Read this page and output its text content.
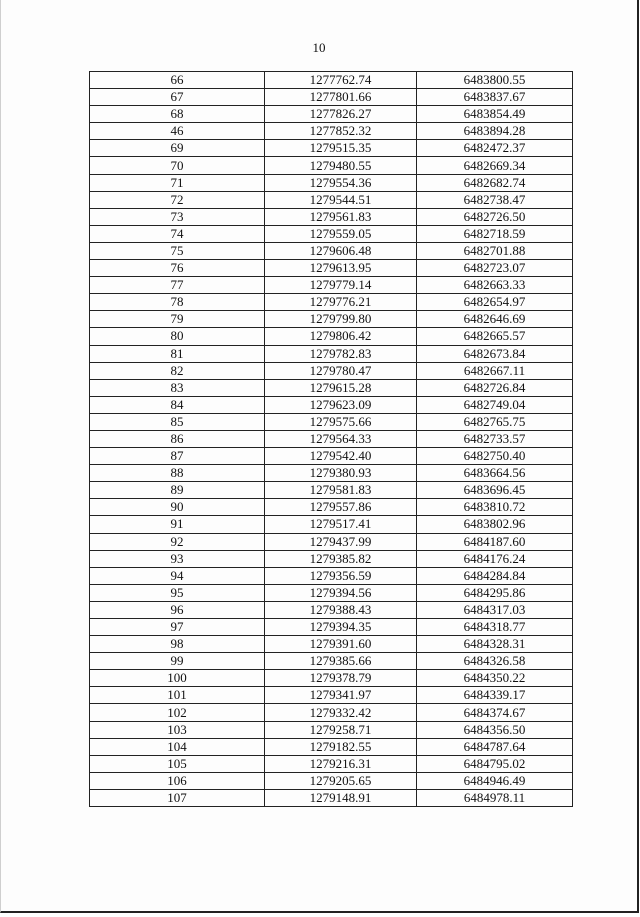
10
66	1277762.74	6483800.55
67	1277801.66	6483837.67
68	1277826.27	6483854.49
46	1277852.32	6483894.28
69	1279515.35	6482472.37
70	1279480.55	6482669.34
71	1279554.36	6482682.74
72	1279544.51	6482738.47
73	1279561.83	6482726.50
74	1279559.05	6482718.59
75	1279606.48	6482701.88
76	1279613.95	6482723.07
77	1279779.14	6482663.33
78	1279776.21	6482654.97
79	1279799.80	6482646.69
80	1279806.42	6482665.57
81	1279782.83	6482673.84
82	1279780.47	6482667.11
83	1279615.28	6482726.84
84	1279623.09	6482749.04
85	1279575.66	6482765.75
86	1279564.33	6482733.57
87	1279542.40	6482750.40
88	1279380.93	6483664.56
89	1279581.83	6483696.45
90	1279557.86	6483810.72
91	1279517.41	6483802.96
92	1279437.99	6484187.60
93	1279385.82	6484176.24
94	1279356.59	6484284.84
95	1279394.56	6484295.86
96	1279388.43	6484317.03
97	1279394.35	6484318.77
98	1279391.60	6484328.31
99	1279385.66	6484326.58
100	1279378.79	6484350.22
101	1279341.97	6484339.17
102	1279332.42	6484374.67
103	1279258.71	6484356.50
104	1279182.55	6484787.64
105	1279216.31	6484795.02
106	1279205.65	6484946.49
107	1279148.91	6484978.11
